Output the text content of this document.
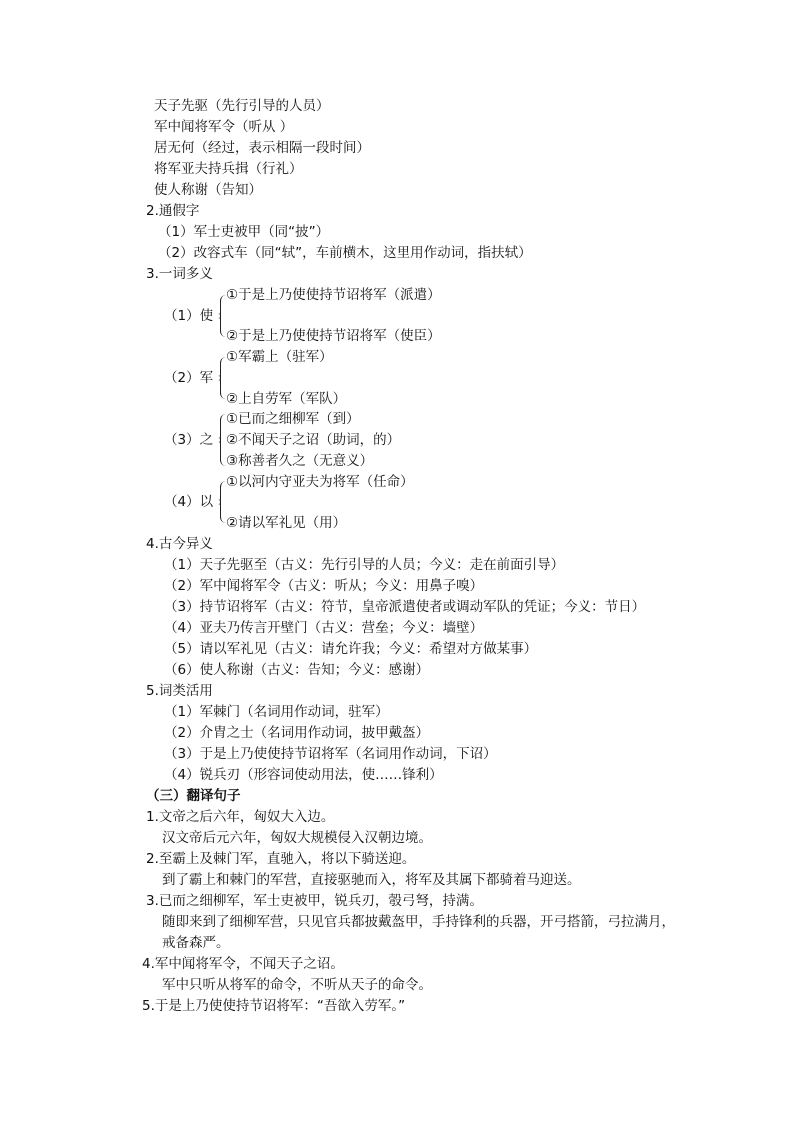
天子先驱（先行引导的人员）
军中闻将军令（听从 ）
居无何（经过，表示相隔一段时间）
将军亚夫持兵揖（行礼）
使人称谢（告知）
2.通假字
（1）军士吏被甲（同“披”）
（2）改容式车（同“轼”，车前横木，这里用作动词，指扶轼）
3.一词多义
（1）使
①于是上乃使使持节诏将军（派遣）
②于是上乃使使持节诏将军（使臣）
（2）军
①军霸上（驻军）
②上自劳军（军队）
（3）之
①已而之细柳军（到）
②不闻天子之诏（助词，的）
③称善者久之（无意义）
（4）以
①以河内守亚夫为将军（任命）
②请以军礼见（用）
4.古今异义
（1）天子先驱至（古义：先行引导的人员；今义：走在前面引导）
（2）军中闻将军令（古义：听从；今义：用鼻子嗅）
（3）持节诏将军（古义：符节，皇帝派遣使者或调动军队的凭证；今义：节日）
（4）亚夫乃传言开壁门（古义：营垒；今义：墙壁）
（5）请以军礼见（古义：请允许我；今义：希望对方做某事）
（6）使人称谢（古义：告知；今义：感谢）
5.词类活用
（1）军棘门（名词用作动词，驻军）
（2）介胄之士（名词用作动词，披甲戴盔）
（3）于是上乃使使持节诏将军（名词用作动词，下诏）
（4）锐兵刃（形容词使动用法，使……锋利）
（三）翻译句子
1.文帝之后六年，匈奴大入边。
汉文帝后元六年，匈奴大规模侵入汉朝边境。
2.至霸上及棘门军，直驰入，将以下骑送迎。
到了霸上和棘门的军营，直接驱驰而入，将军及其属下都骑着马迎送。
3.已而之细柳军，军士吏被甲，锐兵刃，彀弓弩，持满。
随即来到了细柳军营，只见官兵都披戴盔甲，手持锋利的兵器，开弓搭箭，弓拉满月，
戒备森严。
4.军中闻将军令，不闻天子之诏。
军中只听从将军的命令，不听从天子的命令。
5.于是上乃使使持节诏将军：“吾欲入劳军。”
